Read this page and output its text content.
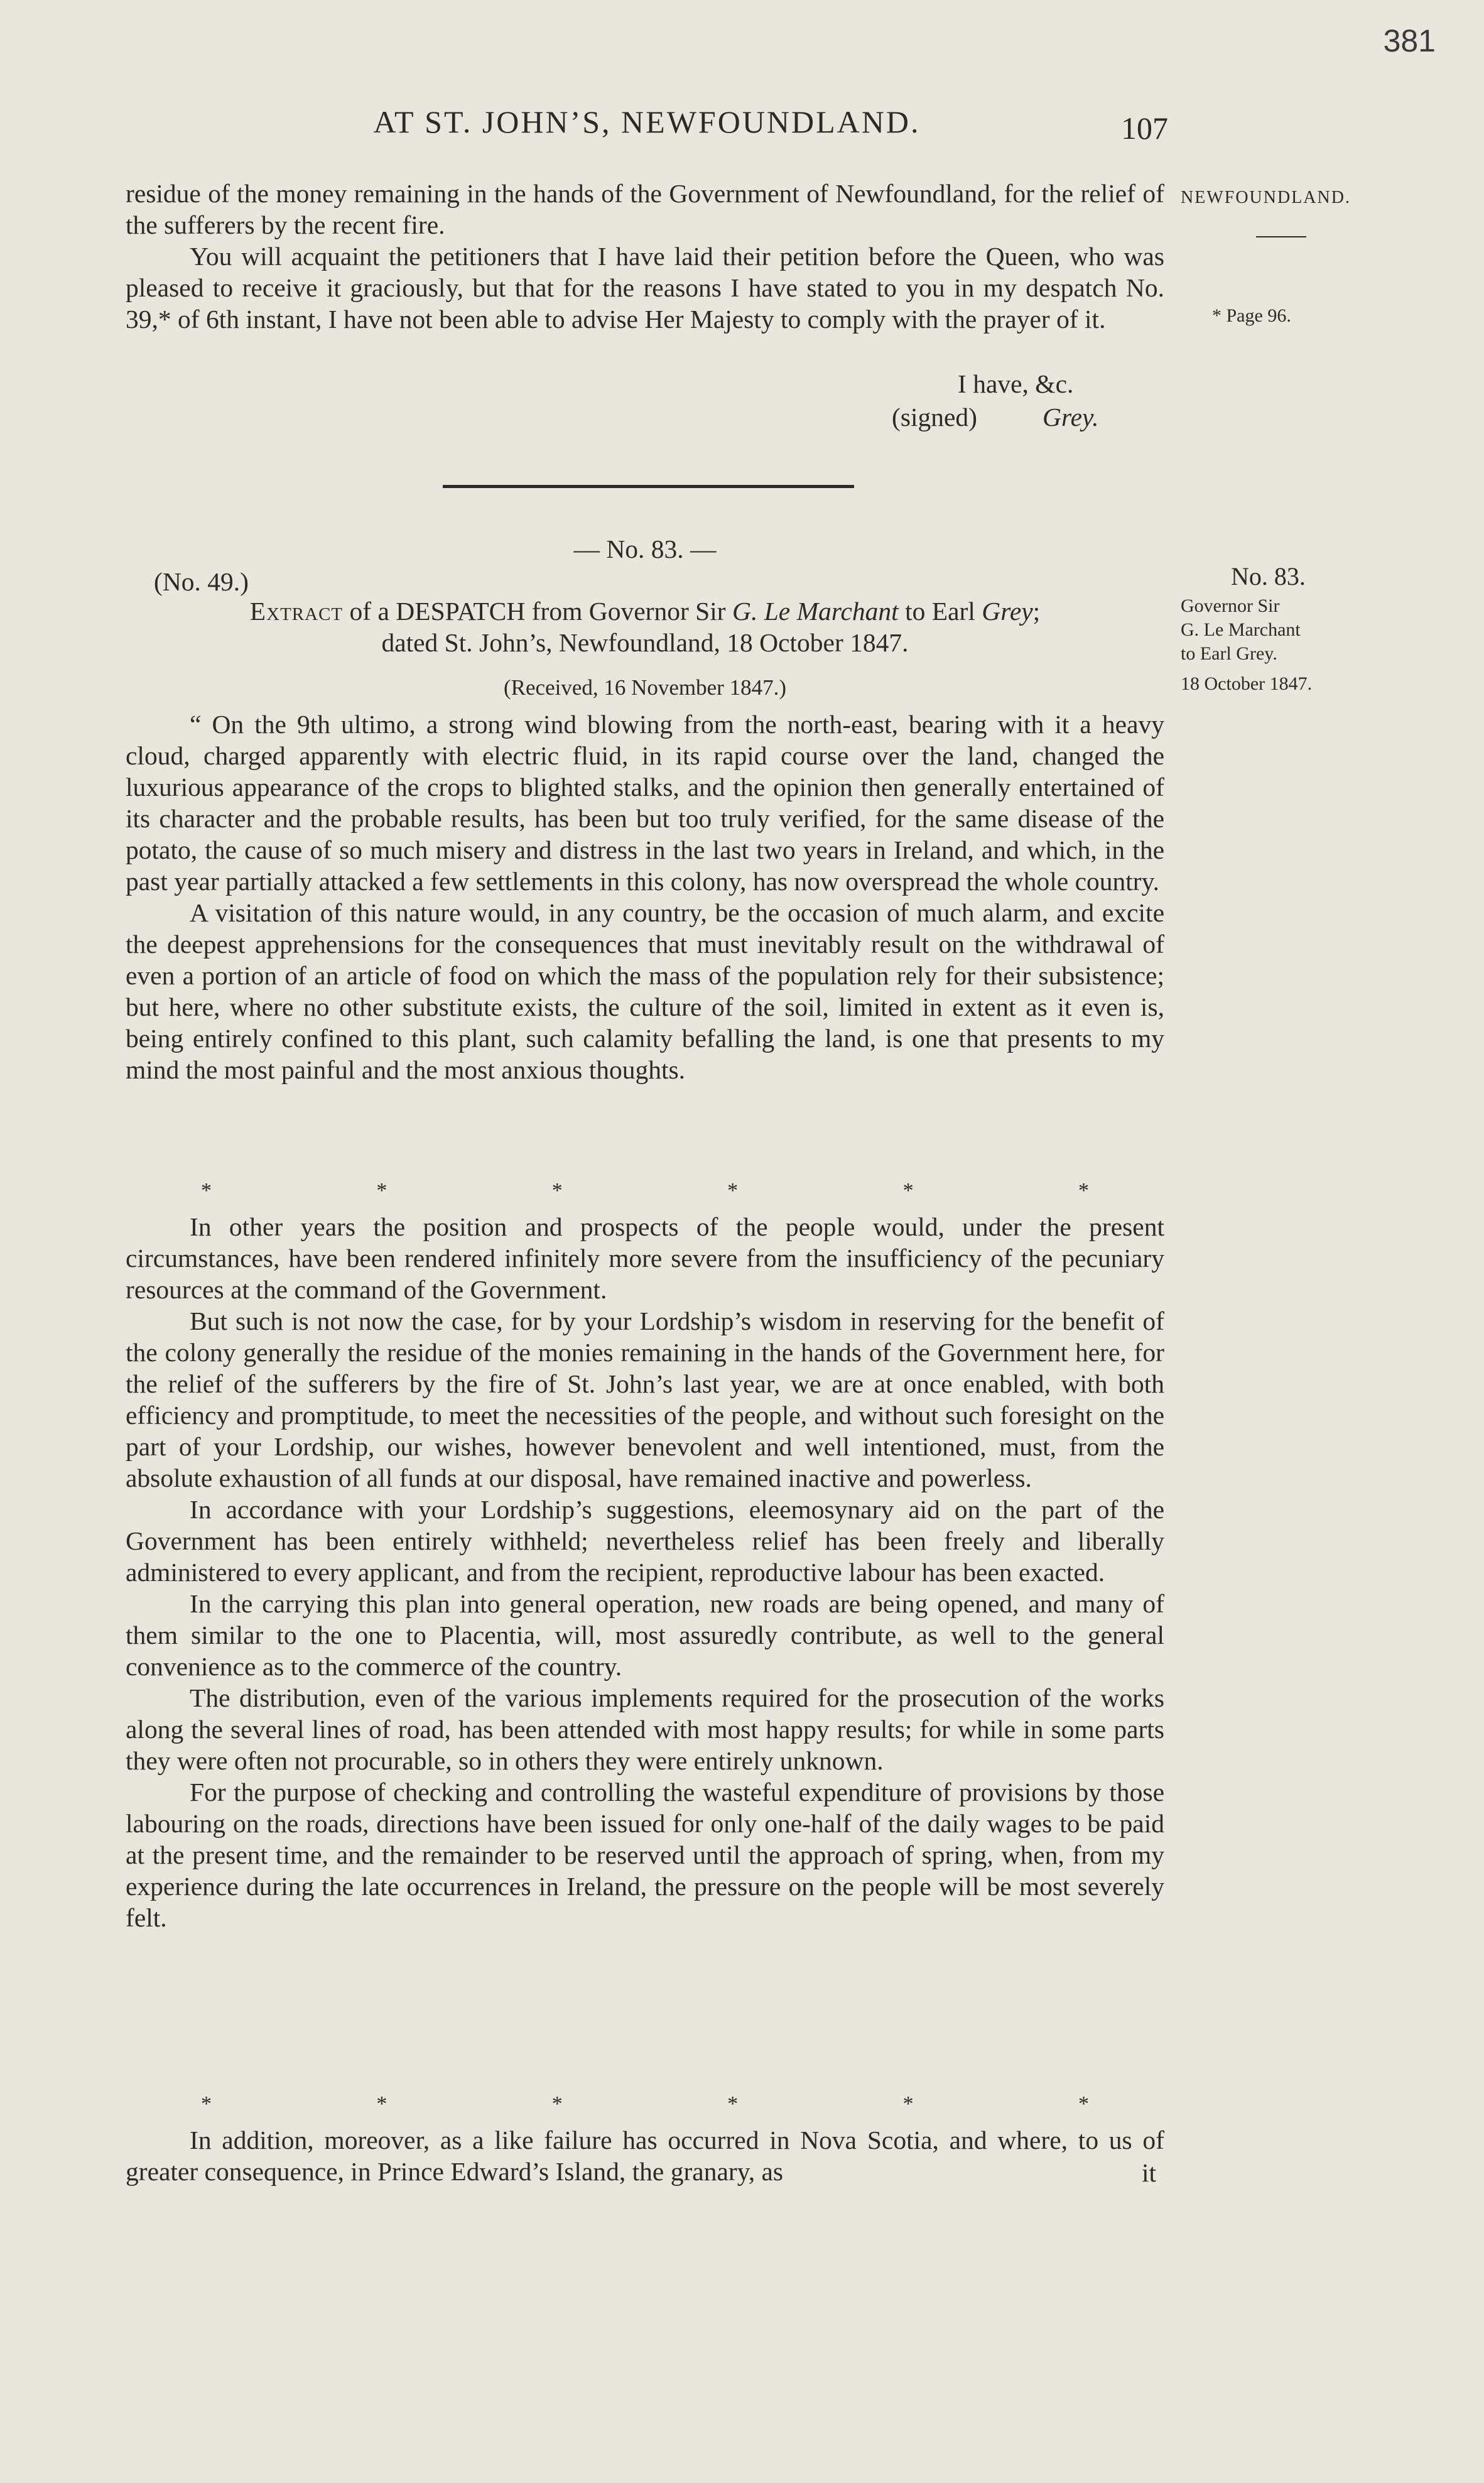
381
AT ST. JOHN’S, NEWFOUNDLAND.	107

residue of the money remaining in the hands of the Government of Newfoundland, for the relief of the sufferers by the recent fire.

You will acquaint the petitioners that I have laid their petition before the Queen, who was pleased to receive it graciously, but that for the reasons I have stated to you in my despatch No. 39,* of 6th instant, I have not been able to advise Her Majesty to comply with the prayer of it.

NEWFOUNDLAND.
* Page 96.
I have, &c.
(signed)	Grey.
— No. 83. —
(No. 49.)	No. 83.
Governor Sir
G. Le Marchant
to Earl Grey.
18 October 1847.
Extract of a DESPATCH from Governor Sir G. Le Marchant to Earl Grey;
dated St. John’s, Newfoundland, 18 October 1847.
(Received, 16 November 1847.)

“ On the 9th ultimo, a strong wind blowing from the north-east, bearing with it a heavy cloud, charged apparently with electric fluid, in its rapid course over the land, changed the luxurious appearance of the crops to blighted stalks, and the opinion then generally entertained of its character and the probable results, has been but too truly verified, for the same disease of the potato, the cause of so much misery and distress in the last two years in Ireland, and which, in the past year partially attacked a few settlements in this colony, has now overspread the whole country.

A visitation of this nature would, in any country, be the occasion of much alarm, and excite the deepest apprehensions for the consequences that must inevitably result on the withdrawal of even a portion of an article of food on which the mass of the population rely for their subsistence; but here, where no other substitute exists, the culture of the soil, limited in extent as it even is, being entirely confined to this plant, such calamity befalling the land, is one that presents to my mind the most painful and the most anxious thoughts.

*	*	*	*	*	*

In other years the position and prospects of the people would, under the present circumstances, have been rendered infinitely more severe from the insufficiency of the pecuniary resources at the command of the Government.

But such is not now the case, for by your Lordship’s wisdom in reserving for the benefit of the colony generally the residue of the monies remaining in the hands of the Government here, for the relief of the sufferers by the fire of St. John’s last year, we are at once enabled, with both efficiency and promptitude, to meet the necessities of the people, and without such foresight on the part of your Lordship, our wishes, however benevolent and well intentioned, must, from the absolute exhaustion of all funds at our disposal, have remained inactive and powerless.

In accordance with your Lordship’s suggestions, eleemosynary aid on the part of the Government has been entirely withheld; nevertheless relief has been freely and liberally administered to every applicant, and from the recipient, reproductive labour has been exacted.

In the carrying this plan into general operation, new roads are being opened, and many of them similar to the one to Placentia, will, most assuredly contribute, as well to the general convenience as to the commerce of the country.

The distribution, even of the various implements required for the prosecution of the works along the several lines of road, has been attended with most happy results; for while in some parts they were often not procurable, so in others they were entirely unknown.

For the purpose of checking and controlling the wasteful expenditure of provisions by those labouring on the roads, directions have been issued for only one-half of the daily wages to be paid at the present time, and the remainder to be reserved until the approach of spring, when, from my experience during the late occurrences in Ireland, the pressure on the people will be most severely felt.

*	*	*	*	*	*

In addition, moreover, as a like failure has occurred in Nova Scotia, and where, to us of greater consequence, in Prince Edward’s Island, the granary, as	it
